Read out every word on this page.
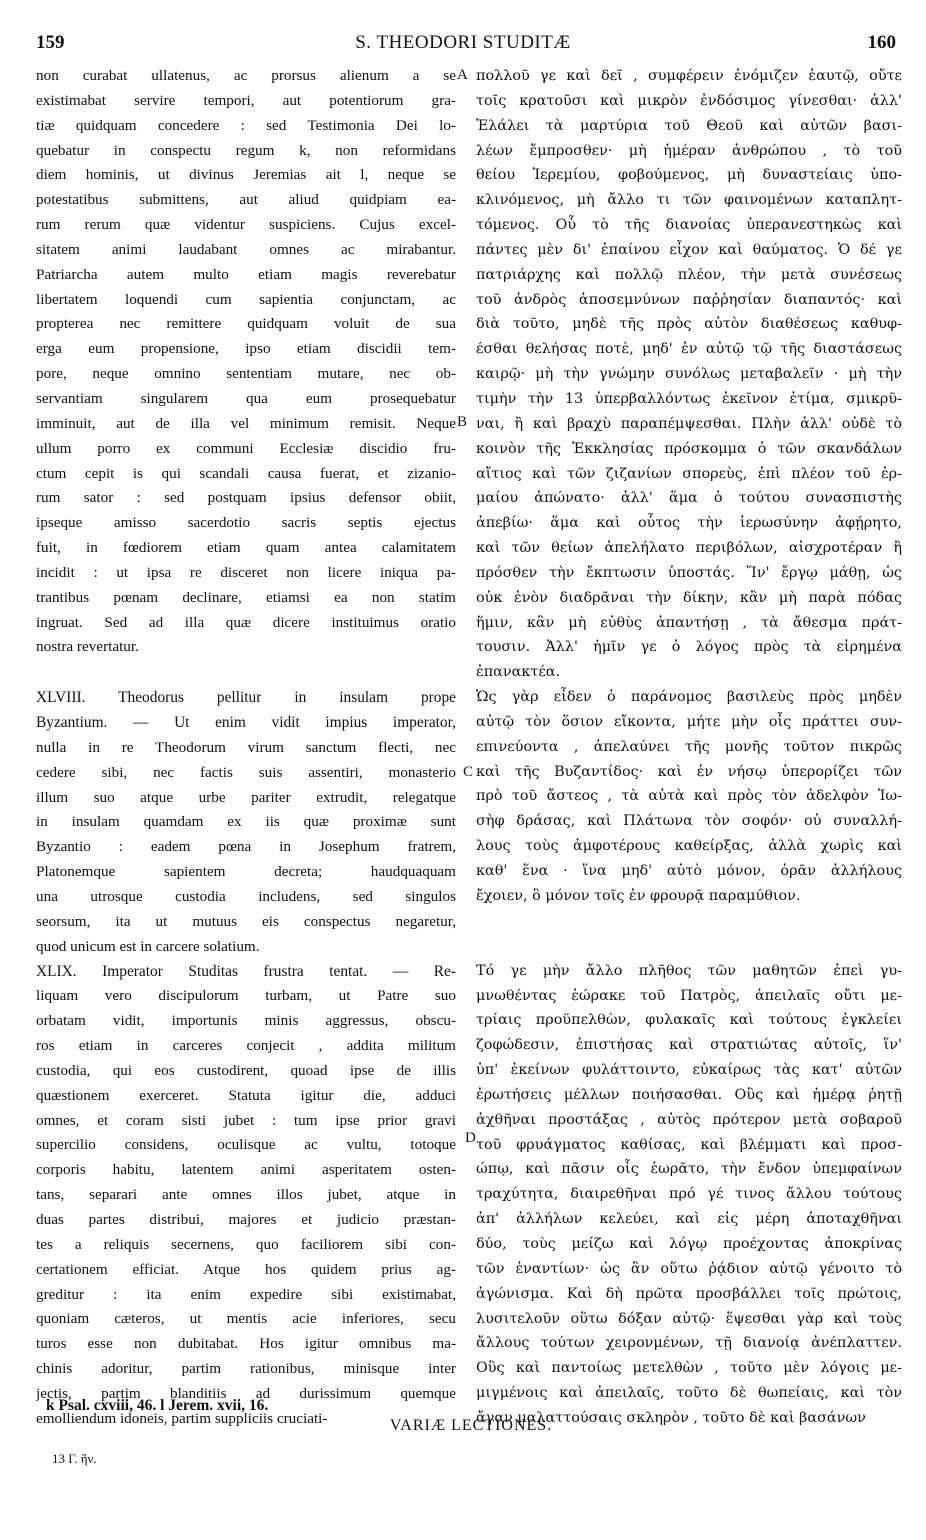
159	S. THEODORI STUDITÆ	160
non curabat ullatenus, ac prorsus alienum a se
existimabat servire tempori, aut potentiorum gra-
tiæ quidquam concedere : sed Testimonia Dei lo-
quebatur in conspectu regum k, non reformidans
diem hominis, ut divinus Jeremias ait l, neque se
potestatibus submittens, aut aliud quidpiam ea-
rum rerum quæ videntur suspiciens. Cujus excel-
sitatem animi laudabant omnes ac mirabantur.
Patriarcha autem multo etiam magis reverebatur
libertatem loquendi cum sapientia conjunctam, ac
propterea nec remittere quidquam voluit de sua
erga eum propensione, ipso etiam discidii tem-
pore, neque omnino sententiam mutare, nec ob-
servantiam singularem qua eum prosequebatur
imminuit, aut de illa vel minimum remisit. Neque
ullum porro ex communi Ecclesiæ discidio fru-
ctum cepit is qui scandali causa fuerat, et zizanio-
rum sator : sed postquam ipsius defensor obiit,
ipseque amisso sacerdotio sacris septis ejectus
fuit, in fœdiorem etiam quam antea calamitatem
incidit : ut ipsa re disceret non licere iniqua pa-
trantibus pœnam declinare, etiamsi ea non statim
ingruat. Sed ad illa quæ dicere instituimus oratio
nostra revertatur.
XLVIII. Theodorus pellitur in insulam prope
Byzantium. — Ut enim vidit impius imperator,
nulla in re Theodorum virum sanctum flecti, nec
cedere sibi, nec factis suis assentiri, monasterio
illum suo atque urbe pariter extrudit, relegatque
in insulam quamdam ex iis quæ proximæ sunt
Byzantio : eadem pœna in Josephum fratrem,
Platonemque sapientem decreta; haudquaquam
una utrosque custodia includens, sed singulos
seorsum, ita ut mutuus eis conspectus negaretur,
quod unicum est in carcere solatium.
XLIX. Imperator Studitas frustra tentat. — Re-
liquam vero discipulorum turbam, ut Patre suo
orbatam vidit, importunis minis aggressus, obscu-
ros etiam in carceres conjecit , addita militum
custodia, qui eos custodirent, quoad ipse de illis
quæstionem exerceret. Statuta igitur die, adduci
omnes, et coram sisti jubet : tum ipse prior gravi
supercilio considens, oculisque ac vultu, totoque
corporis habitu, latentem animi asperitatem osten-
tans, separari ante omnes illos jubet, atque in
duas partes distribui, majores et judicio præstan-
tes a reliquis secernens, quo faciliorem sibi con-
certationem efficiat. Atque hos quidem prius ag-
greditur : ita enim expedire sibi existimabat,
quoniam cæteros, ut mentis acie inferiores, secu
turos esse non dubitabat. Hos igitur omnibus ma-
chinis adoritur, partim rationibus, minisque inter
jectis, partim blanditiis ad durissimum quemque
emolliendum idoneis, partim suppliciis cruciati-
πολλοῦ γε καὶ δεῖ , συμφέρειν ἐνόμιζεν ἑαυτῷ, οὔτε
τοῖς κρατοῦσι καὶ μικρὸν ἐνδόσιμος γίνεσθαι· ἀλλ'
Ἐλάλει τὰ μαρτύρια τοῦ Θεοῦ καὶ αὐτῶν βασι-
λέων ἔμπροσθεν· μὴ ἡμέραν ἀνθρώπου , τὸ τοῦ
θείου Ἱερεμίου, φοβούμενος, μὴ δυναστείαις ὑπο-
κλινόμενος, μὴ ἄλλο τι τῶν φαινομένων καταπλητ-
τόμενος. Οὗ τὸ τῆς διανοίας ὑπερανεστηκὼς καὶ
πάντες μὲν δι' ἐπαίνου εἶχον καὶ θαύματος. Ὁ δέ γε
πατριάρχης καὶ πολλῷ πλέον, τὴν μετὰ συνέσεως
τοῦ ἀνδρὸς ἀποσεμνύνων παῤῥησίαν διαπαντός· καὶ
διὰ τοῦτο, μηδὲ τῆς πρὸς αὐτὸν διαθέσεως καθυφ-
έσθαι θελήσας ποτὲ, μηδ' ἐν αὐτῷ τῷ τῆς διαστάσεως
καιρῷ· μὴ τὴν γνώμην συνόλως μεταβαλεῖν · μὴ τὴν
τιμὴν τὴν 13 ὑπερβαλλόντως ἐκεῖνον ἐτίμα, σμικρῦ-
ναι, ἢ καὶ βραχὺ παραπέμψεσθαι. Πλὴν ἀλλ' οὐδὲ τὸ
κοινὸν τῆς Ἐκκλησίας πρόσκομμα ὁ τῶν σκανδάλων
αἴτιος καὶ τῶν ζιζανίων σπορεὺς, ἐπὶ πλέον τοῦ ἐρ-
μαίου ἀπώνατο· ἀλλ' ἅμα ὁ τούτου συνασπιστὴς
ἀπεβίω· ἅμα καὶ οὗτος τὴν ἱερωσύνην ἀφῄρητο,
καὶ τῶν θείων ἀπελήλατο περιβόλων, αἰσχροτέραν ἢ
πρόσθεν τὴν ἔκπτωσιν ὑποστάς. Ἵν' ἔργῳ μάθῃ, ὡς
οὐκ ἐνὸν διαδρᾶναι τὴν δίκην, κἂν μὴ παρὰ πόδας
ἥμιν, κἂν μὴ εὐθὺς ἀπαντήσῃ , τὰ ἄθεσμα πράτ-
τουσιν. Ἀλλ' ἡμῖν γε ὁ λόγος πρὸς τὰ εἰρημένα
ἐπανακτέα.
Ὡς γὰρ εἶδεν ὁ παράνομος βασιλεὺς πρὸς μηδὲν
αὐτῷ τὸν ὅσιον εἴκοντα, μήτε μὴν οἷς πράττει συν-
επινεύοντα , ἀπελαύνει τῆς μονῆς τοῦτον πικρῶς
καὶ τῆς Βυζαντίδος· καὶ ἐν νήσῳ ὑπερορίζει τῶν
πρὸ τοῦ ἄστεος , τὰ αὐτὰ καὶ πρὸς τὸν ἀδελφὸν Ἰω-
σὴφ δράσας, καὶ Πλάτωνα τὸν σοφόν· οὐ συναλλή-
λους τοὺς ἀμφοτέρους καθείρξας, ἀλλὰ χωρὶς καὶ
καθ' ἕνα · ἵνα μηδ' αὐτὸ μόνον, ὁρᾶν ἀλλήλους
ἔχοιεν, ὃ μόνον τοῖς ἐν φρουρᾷ παραμύθιον.
Τό γε μὴν ἄλλο πλῆθος τῶν μαθητῶν ἐπεὶ γυ-
μνωθέντας ἑώρακε τοῦ Πατρὸς, ἀπειλαῖς οὔτι με-
τρίαις προϋπελθὼν, φυλακαῖς καὶ τούτους ἐγκλείει
ζοφώδεσιν, ἐπιστήσας καὶ στρατιώτας αὐτοῖς, ἵν'
ὑπ' ἐκείνων φυλάττοιντο, εὐκαίρως τὰς κατ' αὐτῶν
ἐρωτήσεις μέλλων ποιήσασθαι. Οὓς καὶ ἡμέρᾳ ῥητῇ
ἀχθῆναι προστάξας , αὐτὸς πρότερον μετὰ σοβαροῦ
τοῦ φρυάγματος καθίσας, καὶ βλέμματι καὶ προσ-
ώπῳ, καὶ πᾶσιν οἷς ἑωρᾶτο, τὴν ἔνδον ὑπεμφαίνων
τραχύτητα, διαιρεθῆναι πρό γέ τινος ἄλλου τούτους
ἀπ' ἀλλήλων κελεύει, καὶ εἰς μέρη ἀποταχθῆναι
δύο, τοὺς μείζω καὶ λόγῳ προέχοντας ἀποκρίνας
τῶν ἐναντίων· ὡς ἂν οὕτω ῥᾴδιον αὐτῷ γένοιτο τὸ
ἀγώνισμα. Καὶ δὴ πρῶτα προσβάλλει τοῖς πρώτοις,
λυσιτελοῦν οὕτω δόξαν αὐτῷ· ἕψεσθαι γὰρ καὶ τοὺς
ἄλλους τούτων χειρονμένων, τῇ διανοίᾳ ἀνέπλαττεν.
Οὓς καὶ παντοίως μετελθὼν , τοῦτο μὲν λόγοις με-
μιγμένοις καὶ ἀπειλαῖς, τοῦτο δὲ θωπείαις, καὶ τὸν
ἄγαν μαλαττούσαις σκληρὸν , τοῦτο δὲ καὶ βασάνων
A
B
C
D
k Psal. cxviii, 46. l Jerem. xvii, 16.
VARIÆ LECTIONES.
13 Γ. ἣν.
